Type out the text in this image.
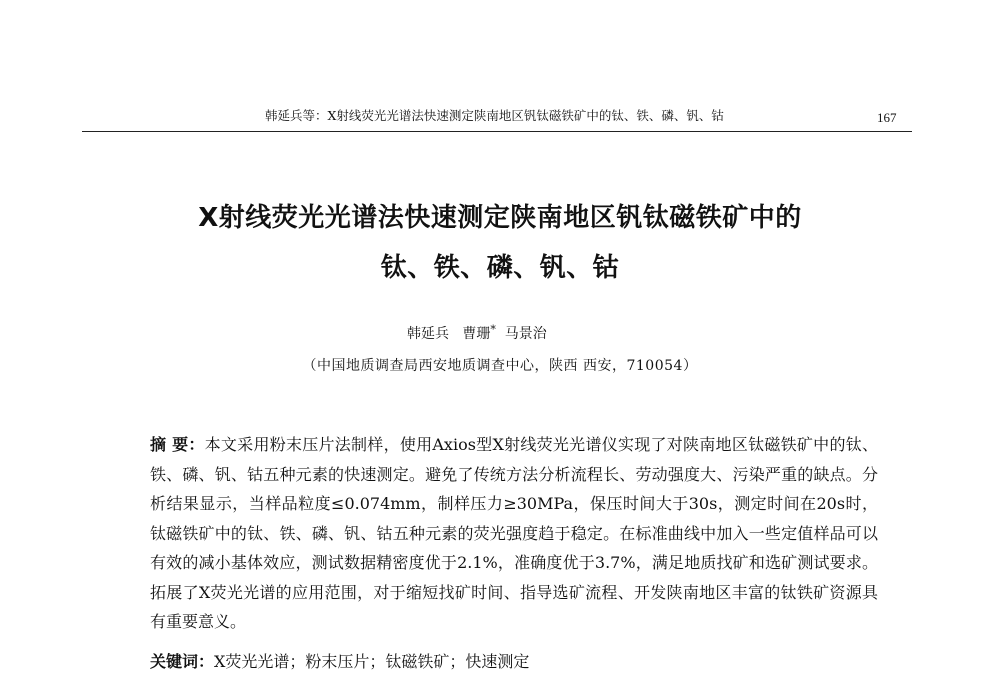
韩延兵等：X射线荧光光谱法快速测定陕南地区钒钛磁铁矿中的钛、铁、磷、钒、钴	167
X射线荧光光谱法快速测定陕南地区钒钛磁铁矿中的
钛、铁、磷、钒、钴
韩延兵 曹珊* 马景治
（中国地质调查局西安地质调查中心，陕西 西安，710054）
摘 要：本文采用粉末压片法制样，使用Axios型X射线荧光光谱仪实现了对陕南地区钛磁铁矿中的钛、铁、磷、钒、钴五种元素的快速测定。避免了传统方法分析流程长、劳动强度大、污染严重的缺点。分析结果显示，当样品粒度≤0.074mm，制样压力≥30MPa，保压时间大于30s，测定时间在20s时，钛磁铁矿中的钛、铁、磷、钒、钴五种元素的荧光强度趋于稳定。在标准曲线中加入一些定值样品可以有效的减小基体效应，测试数据精密度优于2.1%，准确度优于3.7%，满足地质找矿和选矿测试要求。拓展了X荧光光谱的应用范围，对于缩短找矿时间、指导选矿流程、开发陕南地区丰富的钛铁矿资源具有重要意义。
关键词：X荧光光谱；粉末压片；钛磁铁矿；快速测定
